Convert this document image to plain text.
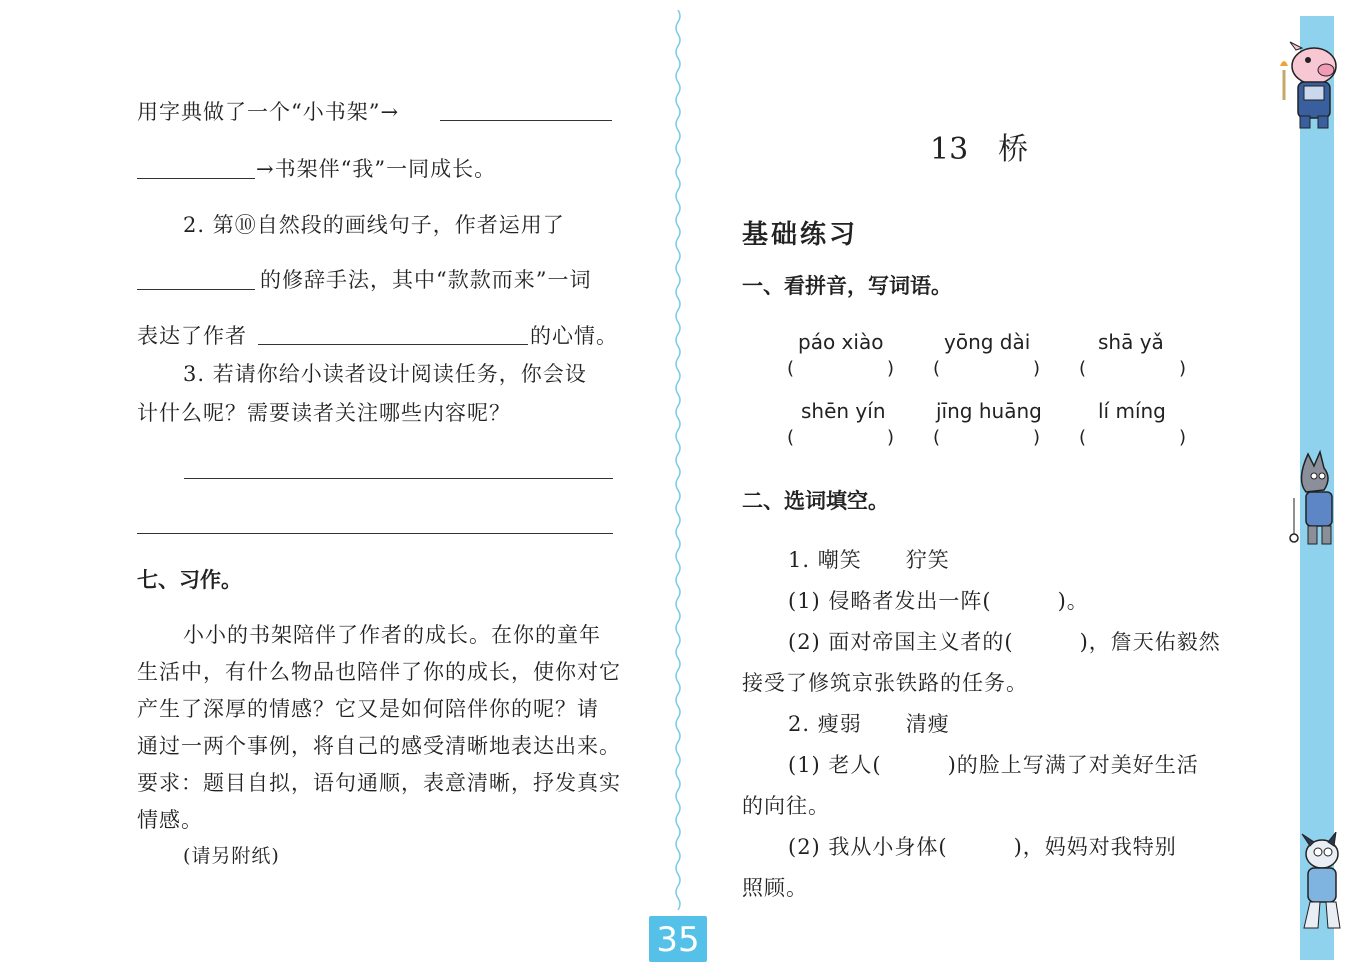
用字典做了一个“小书架”→
→书架伴“我”一同成长。
2. 第⑩自然段的画线句子，作者运用了
的修辞手法，其中“款款而来”一词
表达了作者	的心情。
3. 若请你给小读者设计阅读任务，你会设
计什么呢？需要读者关注哪些内容呢？
七、习作。
小小的书架陪伴了作者的成长。在你的童年
生活中，有什么物品也陪伴了你的成长，使你对它
产生了深厚的情感？它又是如何陪伴你的呢？请
通过一两个事例，将自己的感受清晰地表达出来。
要求：题目自拟，语句通顺，表意清晰，抒发真实
情感。
(请另附纸)
13　桥
基础练习
一、看拼音，写词语。
páo xiào	yōng dài	shā yǎ
(	) (	) (	)
shēn yín	jīng huāng	lí míng
(	) (	) (	)
二、选词填空。
1. 嘲笑　　狞笑
(1) 侵略者发出一阵(　　　)。
(2) 面对帝国主义者的(　　　)，詹天佑毅然
接受了修筑京张铁路的任务。
2. 瘦弱　　清瘦
(1) 老人(　　　)的脸上写满了对美好生活
的向往。
(2) 我从小身体(　　　)，妈妈对我特别
照顾。
35
